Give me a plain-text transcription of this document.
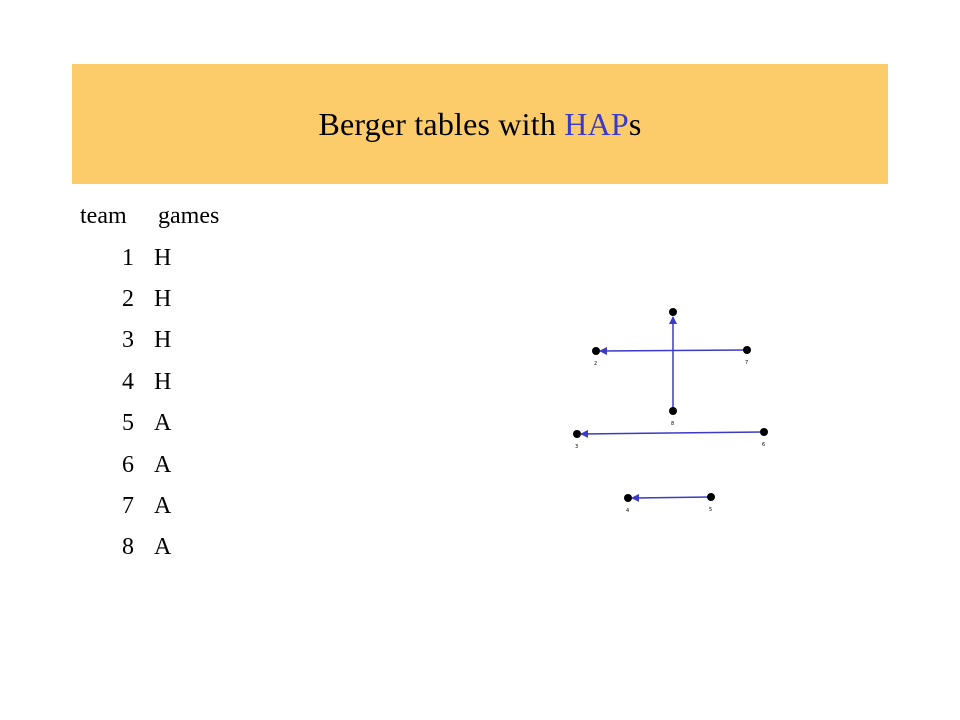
Berger tables with HAPs
team	games
1 H
2 H
3 H
4 H
5 A
6 A
7 A
8 A
2	7
8
3	6
4	5
